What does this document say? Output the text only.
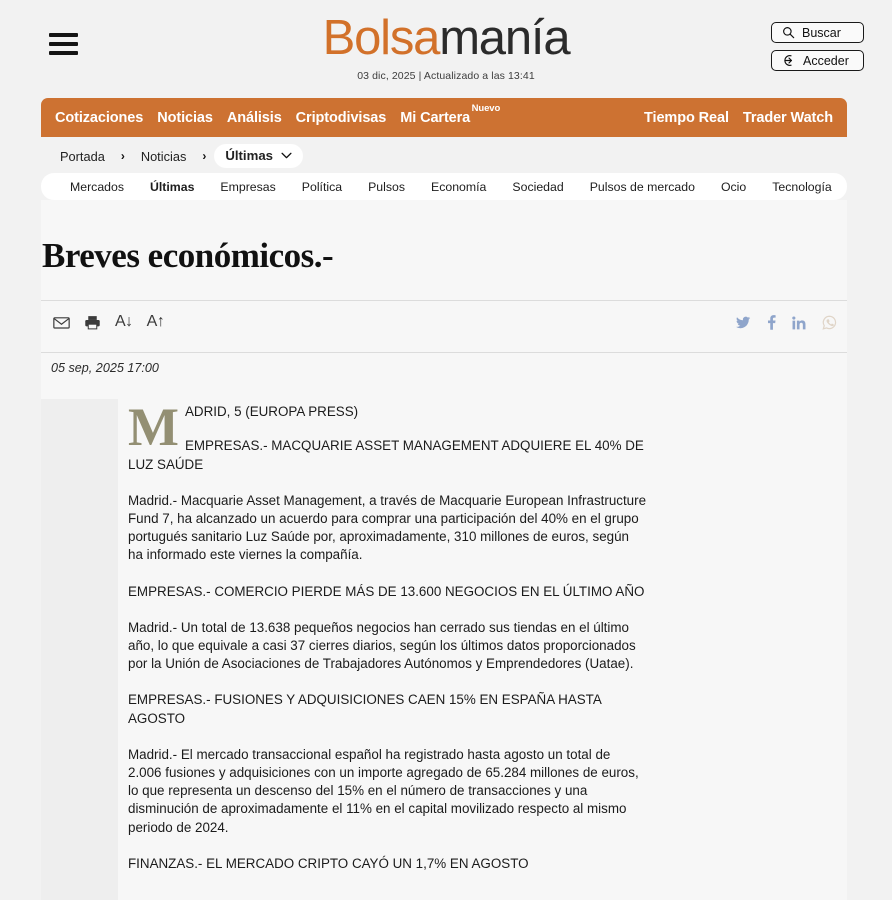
Bolsamanía
03 dic, 2025 | Actualizado a las 13:41
Buscar
Acceder
Cotizaciones Noticias Análisis Criptodivisas Mi Cartera
Nuevo
Tiempo Real Trader Watch
Portada	›	Noticias	› Últimas
Mercados	Últimas	Empresas	Política	Pulsos	Economía	Sociedad	Pulsos de mercado	Ocio	Tecnología
Breves económicos.-
A↓ A↑
05 sep, 2025 17:00

MADRID, 5 (EUROPA PRESS)

EMPRESAS.- MACQUARIE ASSET MANAGEMENT ADQUIERE EL 40% DE LUZ SAÚDE

Madrid.- Macquarie Asset Management, a través de Macquarie European Infrastructure Fund 7, ha alcanzado un acuerdo para comprar una participación del 40% en el grupo portugués sanitario Luz Saúde por, aproximadamente, 310 millones de euros, según ha informado este viernes la compañía.

EMPRESAS.- COMERCIO PIERDE MÁS DE 13.600 NEGOCIOS EN EL ÚLTIMO AÑO

Madrid.- Un total de 13.638 pequeños negocios han cerrado sus tiendas en el último año, lo que equivale a casi 37 cierres diarios, según los últimos datos proporcionados por la Unión de Asociaciones de Trabajadores Autónomos y Emprendedores (Uatae).

EMPRESAS.- FUSIONES Y ADQUISICIONES CAEN 15% EN ESPAÑA HASTA AGOSTO

Madrid.- El mercado transaccional español ha registrado hasta agosto un total de 2.006 fusiones y adquisiciones con un importe agregado de 65.284 millones de euros, lo que representa un descenso del 15% en el número de transacciones y una disminución de aproximadamente el 11% en el capital movilizado respecto al mismo periodo de 2024.

FINANZAS.- EL MERCADO CRIPTO CAYÓ UN 1,7% EN AGOSTO
